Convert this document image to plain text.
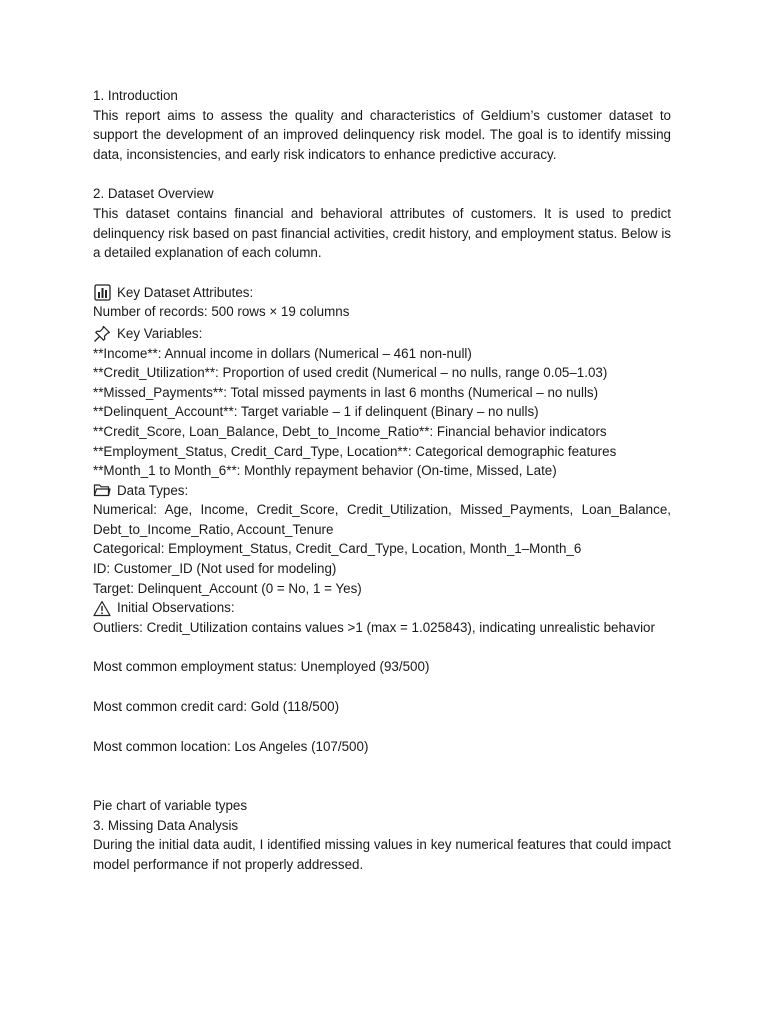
1. Introduction

This report aims to assess the quality and characteristics of Geldium’s customer dataset to support the development of an improved delinquency risk model. The goal is to identify missing data, inconsistencies, and early risk indicators to enhance predictive accuracy.

2. Dataset Overview

This dataset contains financial and behavioral attributes of customers. It is used to predict delinquency risk based on past financial activities, credit history, and employment status. Below is a detailed explanation of each column.

Key Dataset Attributes:

Number of records: 500 rows × 19 columns

Key Variables:

**Income**: Annual income in dollars (Numerical – 461 non-null)

**Credit_Utilization**: Proportion of used credit (Numerical – no nulls, range 0.05–1.03)

**Missed_Payments**: Total missed payments in last 6 months (Numerical – no nulls)

**Delinquent_Account**: Target variable – 1 if delinquent (Binary – no nulls)

**Credit_Score, Loan_Balance, Debt_to_Income_Ratio**: Financial behavior indicators

**Employment_Status, Credit_Card_Type, Location**: Categorical demographic features

**Month_1 to Month_6**: Monthly repayment behavior (On-time, Missed, Late)

Data Types:

Numerical: Age, Income, Credit_Score, Credit_Utilization, Missed_Payments, Loan_Balance, Debt_to_Income_Ratio, Account_Tenure

Categorical: Employment_Status, Credit_Card_Type, Location, Month_1–Month_6

ID: Customer_ID (Not used for modeling)

Target: Delinquent_Account (0 = No, 1 = Yes)

Initial Observations:

Outliers: Credit_Utilization contains values >1 (max = 1.025843), indicating unrealistic behavior

Most common employment status: Unemployed (93/500)

Most common credit card: Gold (118/500)

Most common location: Los Angeles (107/500)

Pie chart of variable types

3. Missing Data Analysis

During the initial data audit, I identified missing values in key numerical features that could impact model performance if not properly addressed.
